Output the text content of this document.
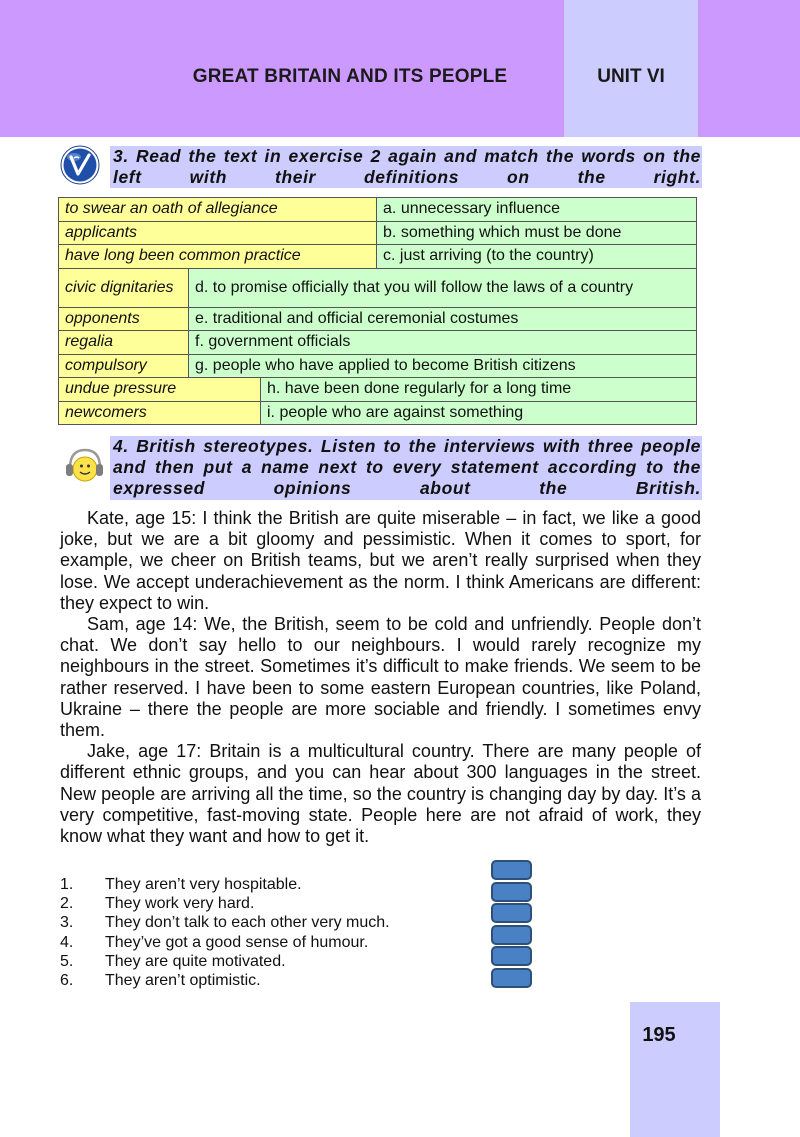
GREAT BRITAIN AND ITS PEOPLE	UNIT VI
3. Read the text in exercise 2 again and match the words on the left with their definitions on the right.
to swear an oath of allegiance			a. unnecessary influence
applicants			b. something which must be done
have long been common practice			c. just arriving (to the country)
civic dignitaries	d. to promise officially that you will follow the laws of a country		
opponents	e. traditional and official ceremonial costumes		
regalia	f. government officials		
compulsory	g. people who have applied to become British citizens		
undue pressure		h. have been done regularly for a long time	
newcomers		i. people who are against something	
4. British stereotypes. Listen to the interviews with three people and then put a name next to every statement according to the expressed opinions about the British.

Kate, age 15: I think the British are quite miserable – in fact, we like a good joke, but we are a bit gloomy and pessimistic. When it comes to sport, for example, we cheer on British teams, but we aren’t really surprised when they lose. We accept underachievement as the norm. I think Americans are different: they expect to win.

Sam, age 14: We, the British, seem to be cold and unfriendly. People don’t chat. We don’t say hello to our neighbours. I would rarely recognize my neighbours in the street. Sometimes it’s difficult to make friends. We seem to be rather reserved. I have been to some eastern European countries, like Poland, Ukraine – there the people are more sociable and friendly. I sometimes envy them.

Jake, age 17: Britain is a multicultural country. There are many people of different ethnic groups, and you can hear about 300 languages in the street. New people are arriving all the time, so the country is changing day by day. It’s a very competitive, fast-moving state. People here are not afraid of work, they know what they want and how to get it.

1.	They aren’t very hospitable.
2.	They work very hard.
3.	They don’t talk to each other very much.
4.	They’ve got a good sense of humour.
5.	They are quite motivated.
6.	They aren’t optimistic.
195
